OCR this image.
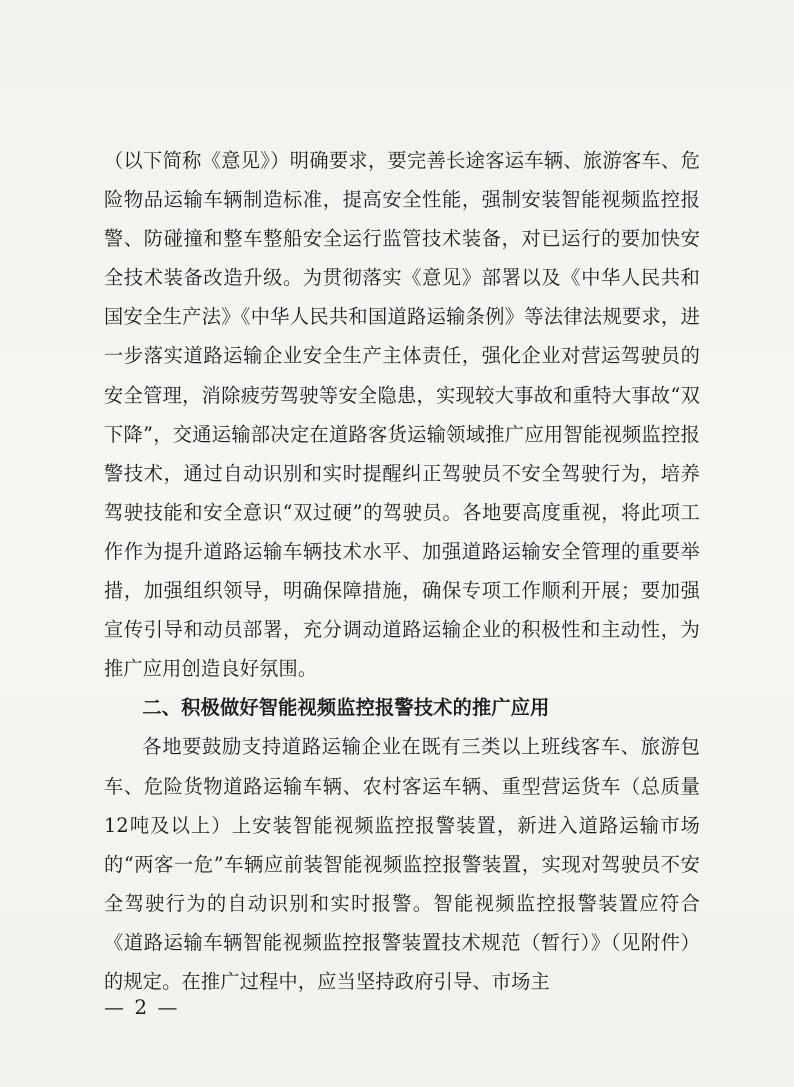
（以下简称《意见》）明确要求，要完善长途客运车辆、旅游客车、危险物品运输车辆制造标准，提高安全性能，强制安装智能视频监控报警、防碰撞和整车整船安全运行监管技术装备，对已运行的要加快安全技术装备改造升级。为贯彻落实《意见》部署以及《中华人民共和国安全生产法》《中华人民共和国道路运输条例》等法律法规要求，进一步落实道路运输企业安全生产主体责任，强化企业对营运驾驶员的安全管理，消除疲劳驾驶等安全隐患，实现较大事故和重特大事故“双下降”，交通运输部决定在道路客货运输领域推广应用智能视频监控报警技术，通过自动识别和实时提醒纠正驾驶员不安全驾驶行为，培养驾驶技能和安全意识“双过硬”的驾驶员。各地要高度重视，将此项工作作为提升道路运输车辆技术水平、加强道路运输安全管理的重要举措，加强组织领导，明确保障措施，确保专项工作顺利开展；要加强宣传引导和动员部署，充分调动道路运输企业的积极性和主动性，为推广应用创造良好氛围。

二、积极做好智能视频监控报警技术的推广应用

各地要鼓励支持道路运输企业在既有三类以上班线客车、旅游包车、危险货物道路运输车辆、农村客运车辆、重型营运货车（总质量12吨及以上）上安装智能视频监控报警装置，新进入道路运输市场的“两客一危”车辆应前装智能视频监控报警装置，实现对驾驶员不安全驾驶行为的自动识别和实时报警。智能视频监控报警装置应符合《道路运输车辆智能视频监控报警装置技术规范（暂行）》（见附件）的规定。在推广过程中，应当坚持政府引导、市场主

— 2 —
